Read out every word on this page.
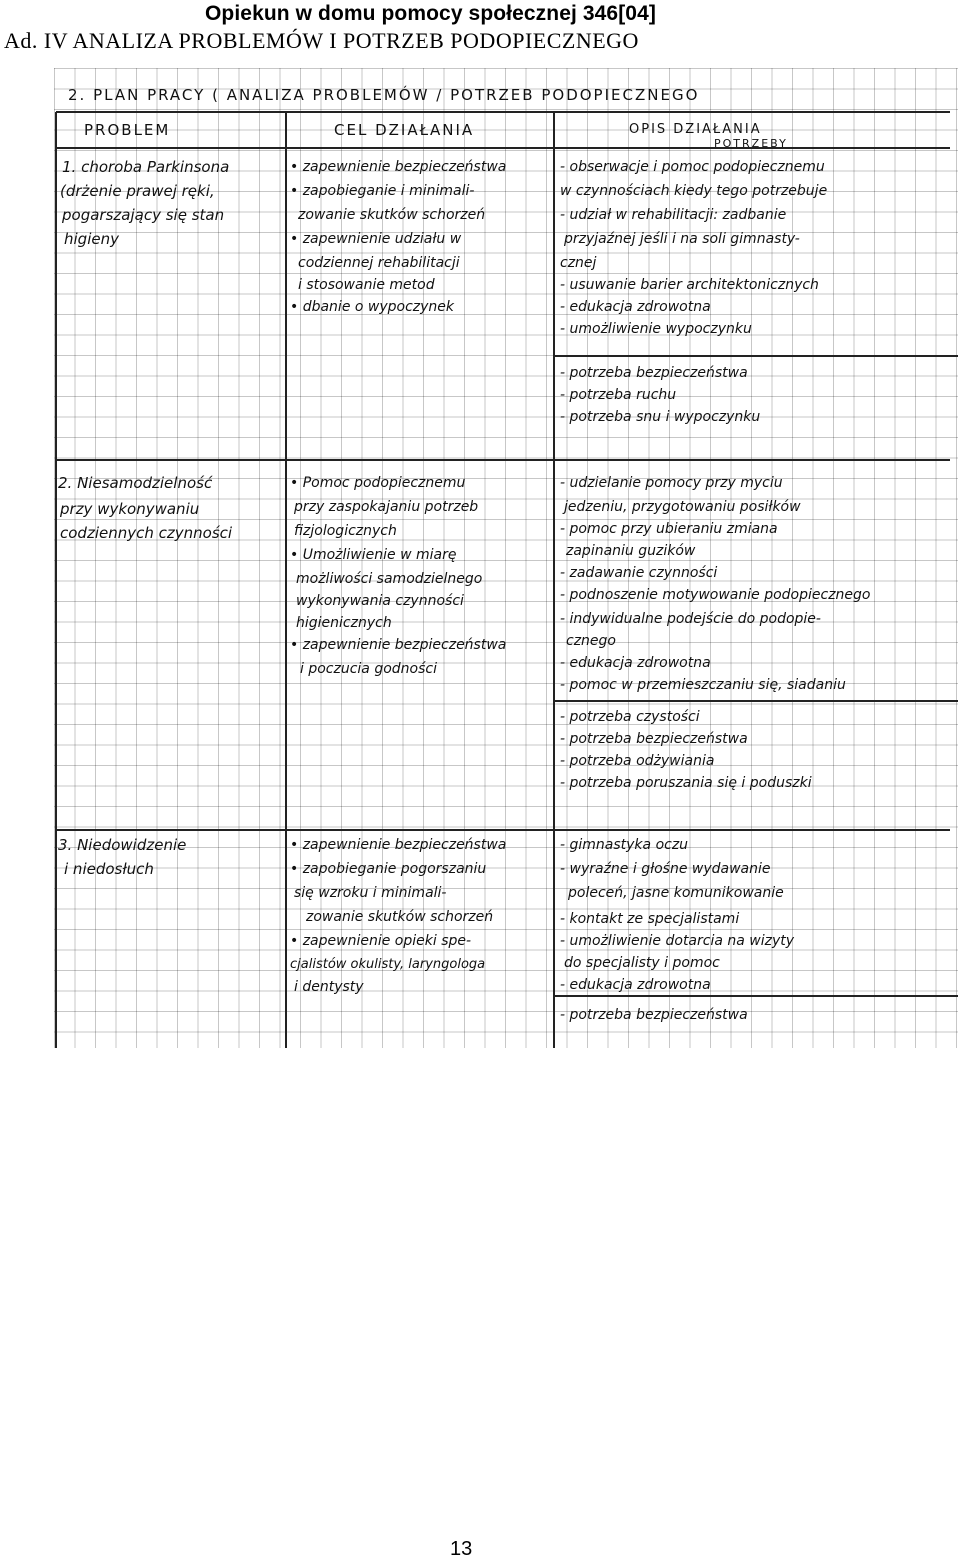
Opiekun w domu pomocy społecznej 346[04]
Ad. IV ANALIZA PROBLEMÓW I POTRZEB PODOPIECZNEGO
2. PLAN PRACY ( ANALIZA PROBLEMÓW / POTRZEB PODOPIECZNEGO
PROBLEM	CEL DZIAŁANIA	OPIS DZIAŁANIA
POTRZEBY
1. choroba Parkinsona
(drżenie prawej ręki,
pogarszający się stan
higieny
• zapewnienie bezpieczeństwa
• zapobieganie i minimali-
zowanie skutków schorzeń
• zapewnienie udziału w
codziennej rehabilitacji
i stosowanie metod
• dbanie o wypoczynek
- obserwacje i pomoc podopiecznemu
w czynnościach kiedy tego potrzebuje
- udział w rehabilitacji: zadbanie
przyjaźnej jeśli i na soli gimnasty-
cznej
- usuwanie barier architektonicznych
- edukacja zdrowotna
- umożliwienie wypoczynku
- potrzeba bezpieczeństwa
- potrzeba ruchu
- potrzeba snu i wypoczynku
2. Niesamodzielność
przy wykonywaniu
codziennych czynności
• Pomoc podopiecznemu
przy zaspokajaniu potrzeb
fizjologicznych
• Umożliwienie w miarę
możliwości samodzielnego
wykonywania czynności
higienicznych
• zapewnienie bezpieczeństwa
i poczucia godności
- udzielanie pomocy przy myciu
jedzeniu, przygotowaniu posiłków
- pomoc przy ubieraniu zmiana
zapinaniu guzików
- zadawanie czynności
- podnoszenie motywowanie podopiecznego
- indywidualne podejście do podopie-
cznego
- edukacja zdrowotna
- pomoc w przemieszczaniu się, siadaniu
- potrzeba czystości
- potrzeba bezpieczeństwa
- potrzeba odżywiania
- potrzeba poruszania się i poduszki
3. Niedowidzenie
i niedosłuch
• zapewnienie bezpieczeństwa
• zapobieganie pogorszaniu
się wzroku i minimali-
zowanie skutków schorzeń
• zapewnienie opieki spe-
cjalistów okulisty, laryngologa
i dentysty
- gimnastyka oczu
- wyraźne i głośne wydawanie
poleceń, jasne komunikowanie
- kontakt ze specjalistami
- umożliwienie dotarcia na wizyty
do specjalisty i pomoc
- edukacja zdrowotna
- potrzeba bezpieczeństwa
13
